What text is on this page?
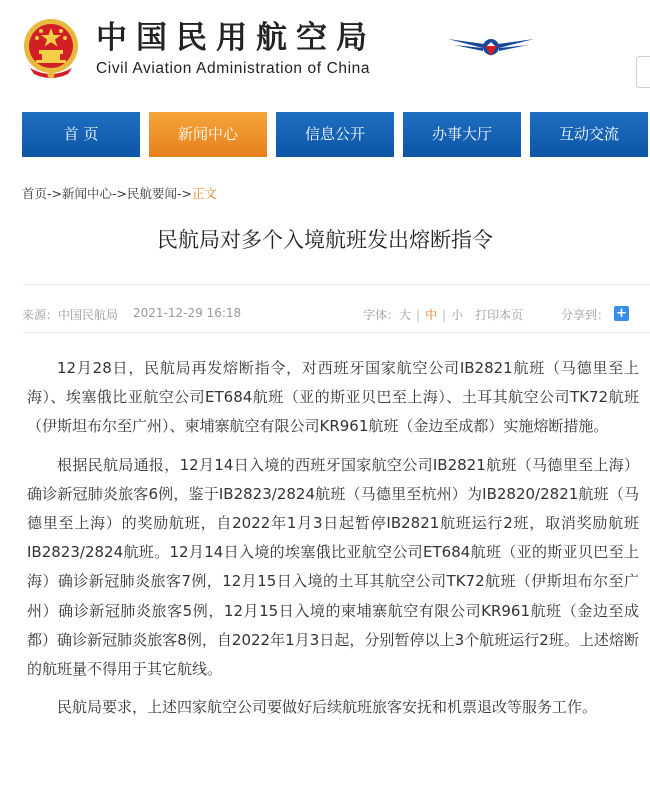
中国民用航空局
Civil Aviation Administration of China
首 页	新闻中心	信息公开	办事大厅	互动交流
首页->新闻中心->民航要闻->正文
民航局对多个入境航班发出熔断指令
来源：中国民航局 2021-12-29 16:18	字体：大 | 中 | 小 打印本页	分享到： +

12月28日，民航局再发熔断指令，对西班牙国家航空公司IB2821航班（马德里至上海）、埃塞俄比亚航空公司ET684航班（亚的斯亚贝巴至上海）、土耳其航空公司TK72航班（伊斯坦布尔至广州）、柬埔寨航空有限公司KR961航班（金边至成都）实施熔断措施。

根据民航局通报，12月14日入境的西班牙国家航空公司IB2821航班（马德里至上海）确诊新冠肺炎旅客6例，鉴于IB2823/2824航班（马德里至杭州）为IB2820/2821航班（马德里至上海）的奖励航班，自2022年1月3日起暂停IB2821航班运行2班，取消奖励航班IB2823/2824航班。12月14日入境的埃塞俄比亚航空公司ET684航班（亚的斯亚贝巴至上海）确诊新冠肺炎旅客7例，12月15日入境的土耳其航空公司TK72航班（伊斯坦布尔至广州）确诊新冠肺炎旅客5例，12月15日入境的柬埔寨航空有限公司KR961航班（金边至成都）确诊新冠肺炎旅客8例，自2022年1月3日起，分别暂停以上3个航班运行2班。上述熔断的航班量不得用于其它航线。

民航局要求，上述四家航空公司要做好后续航班旅客安抚和机票退改等服务工作。
